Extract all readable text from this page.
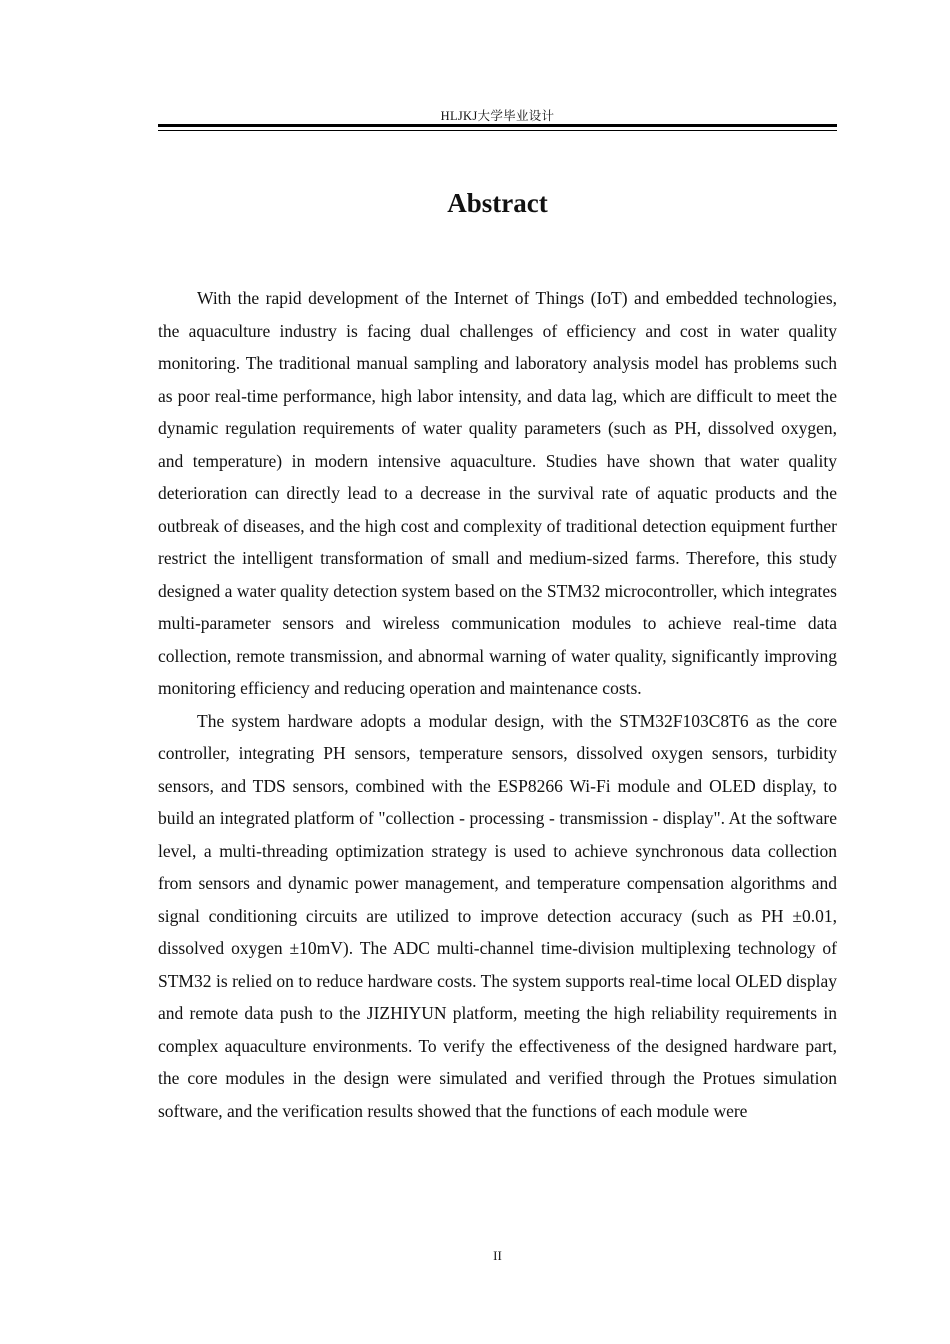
HLJKJ大学毕业设计
Abstract

With the rapid development of the Internet of Things (IoT) and embedded technologies, the aquaculture industry is facing dual challenges of efficiency and cost in water quality monitoring. The traditional manual sampling and laboratory analysis model has problems such as poor real-time performance, high labor intensity, and data lag, which are difficult to meet the dynamic regulation requirements of water quality parameters (such as PH, dissolved oxygen, and temperature) in modern intensive aquaculture. Studies have shown that water quality deterioration can directly lead to a decrease in the survival rate of aquatic products and the outbreak of diseases, and the high cost and complexity of traditional detection equipment further restrict the intelligent transformation of small and medium-sized farms. Therefore, this study designed a water quality detection system based on the STM32 microcontroller, which integrates multi-parameter sensors and wireless communication modules to achieve real-time data collection, remote transmission, and abnormal warning of water quality, significantly improving monitoring efficiency and reducing operation and maintenance costs.

The system hardware adopts a modular design, with the STM32F103C8T6 as the core controller, integrating PH sensors, temperature sensors, dissolved oxygen sensors, turbidity sensors, and TDS sensors, combined with the ESP8266 Wi-Fi module and OLED display, to build an integrated platform of "collection - processing - transmission - display". At the software level, a multi-threading optimization strategy is used to achieve synchronous data collection from sensors and dynamic power management, and temperature compensation algorithms and signal conditioning circuits are utilized to improve detection accuracy (such as PH ±0.01, dissolved oxygen ±10mV). The ADC multi-channel time-division multiplexing technology of STM32 is relied on to reduce hardware costs. The system supports real-time local OLED display and remote data push to the JIZHIYUN platform, meeting the high reliability requirements in complex aquaculture environments. To verify the effectiveness of the designed hardware part, the core modules in the design were simulated and verified through the Protues simulation software, and the verification results showed that the functions of each module were

II
